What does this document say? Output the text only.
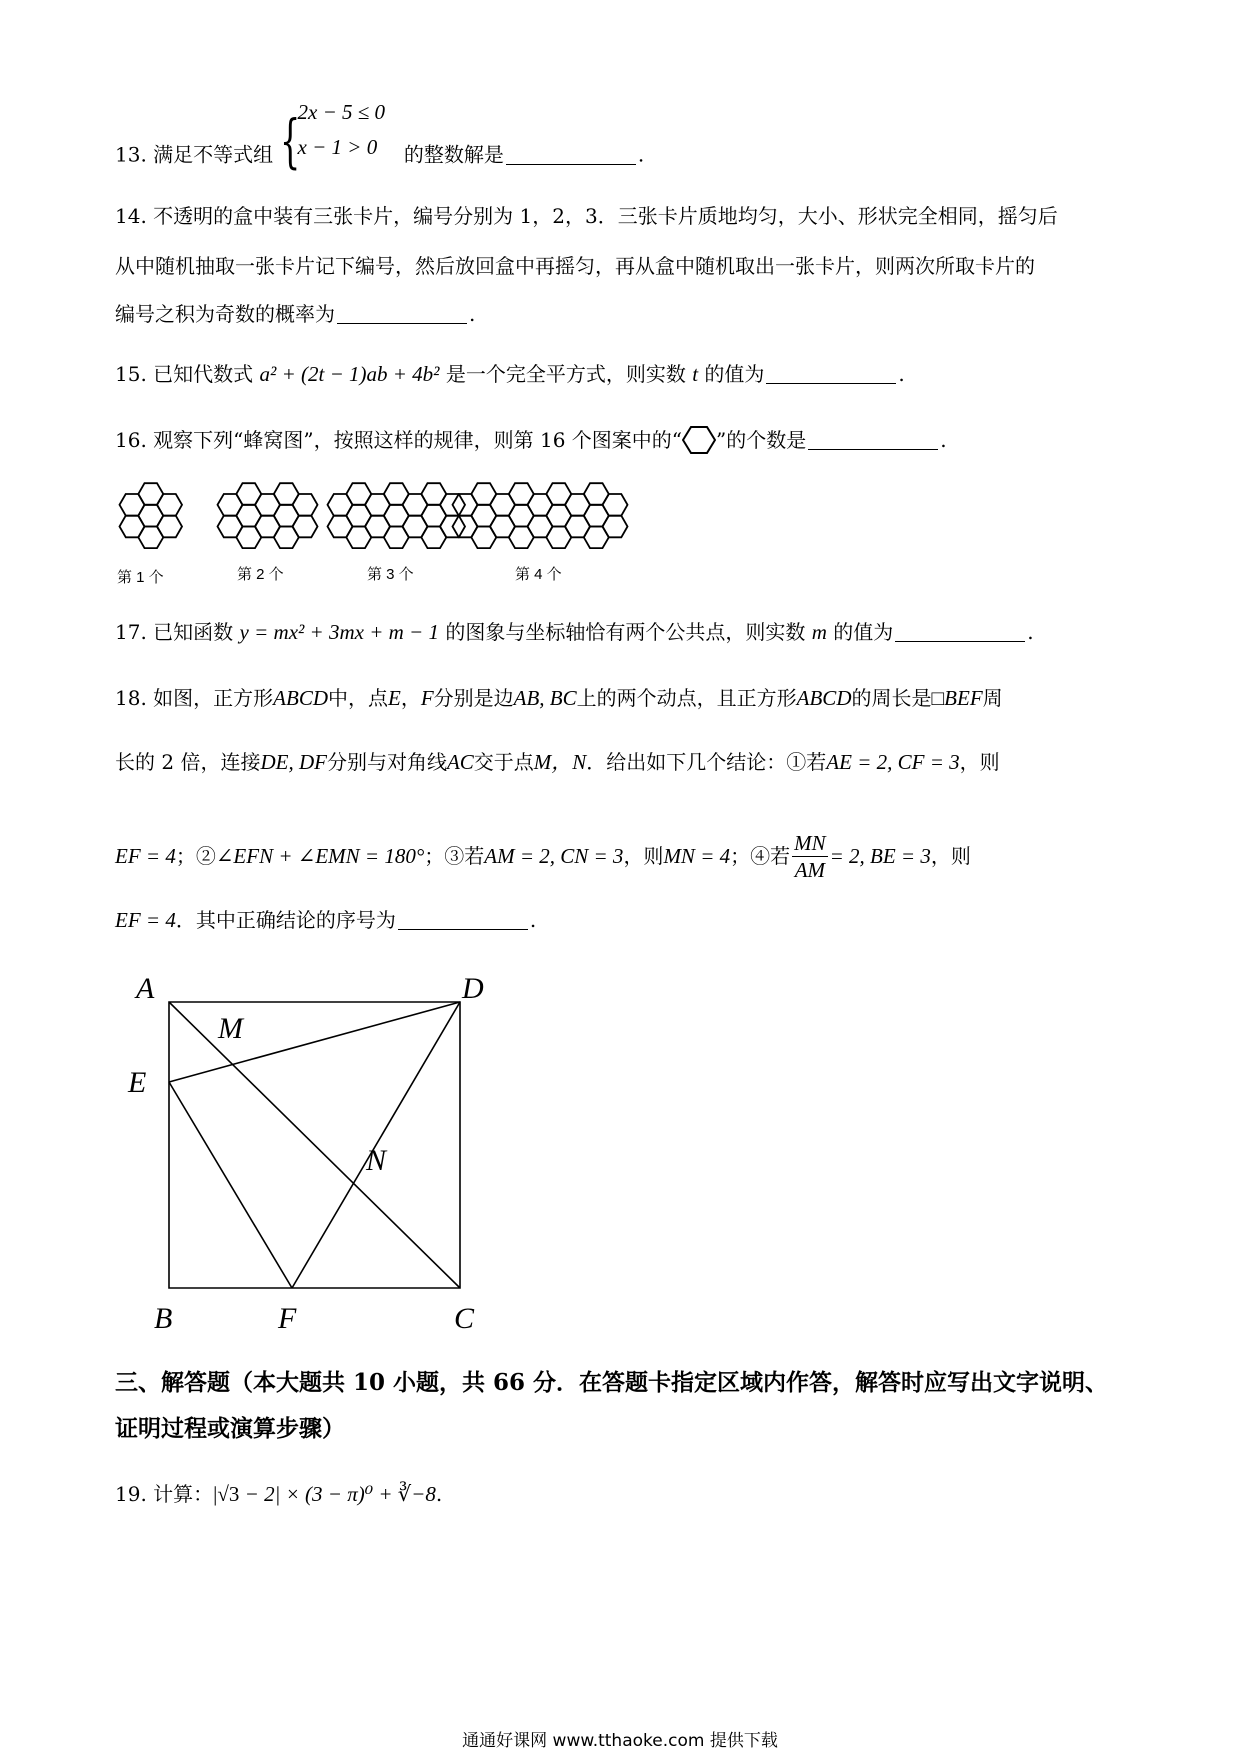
13. 满足不等式组 {
2x − 5 ≤ 0
x − 1 > 0 的整数解是	.
14. 不透明的盒中装有三张卡片，编号分别为 1，2，3．三张卡片质地均匀，大小、形状完全相同，摇匀后
从中随机抽取一张卡片记下编号，然后放回盒中再摇匀，再从盒中随机取出一张卡片，则两次所取卡片的
编号之积为奇数的概率为	.
15. 已知代数式 a² + (2t − 1)ab + 4b² 是一个完全平方式，则实数 t 的值为	.
16. 观察下列“蜂窝图”，按照这样的规律，则第 16 个图案中的“ ”的个数是	.
第 1 个	第 2 个	第 3 个	第 4 个
17. 已知函数 y = mx² + 3mx + m − 1 的图象与坐标轴恰有两个公共点，则实数 m 的值为	.
18. 如图，正方形ABCD中，点E，F分别是边AB, BC上的两个动点，且正方形ABCD的周长是□BEF周
长的 2 倍，连接DE, DF分别与对角线AC交于点M，N．给出如下几个结论：①若AE = 2, CF = 3，则
EF = 4；②∠EFN + ∠EMN = 180°；③若AM = 2, CN = 3，则MN = 4；④若 $\frac{MN}{AM} = 2$, BE = 3，则
EF = 4．其中正确结论的序号为	.
A	D
M
E
N
B	F	C
三、解答题（本大题共 10 小题，共 66 分．在答题卡指定区域内作答，解答时应写出文字说明、
证明过程或演算步骤）
19. 计算：|√3 − 2| × (3 − π)⁰ + ∛−8.
通通好课网 www.tthaoke.com 提供下载
